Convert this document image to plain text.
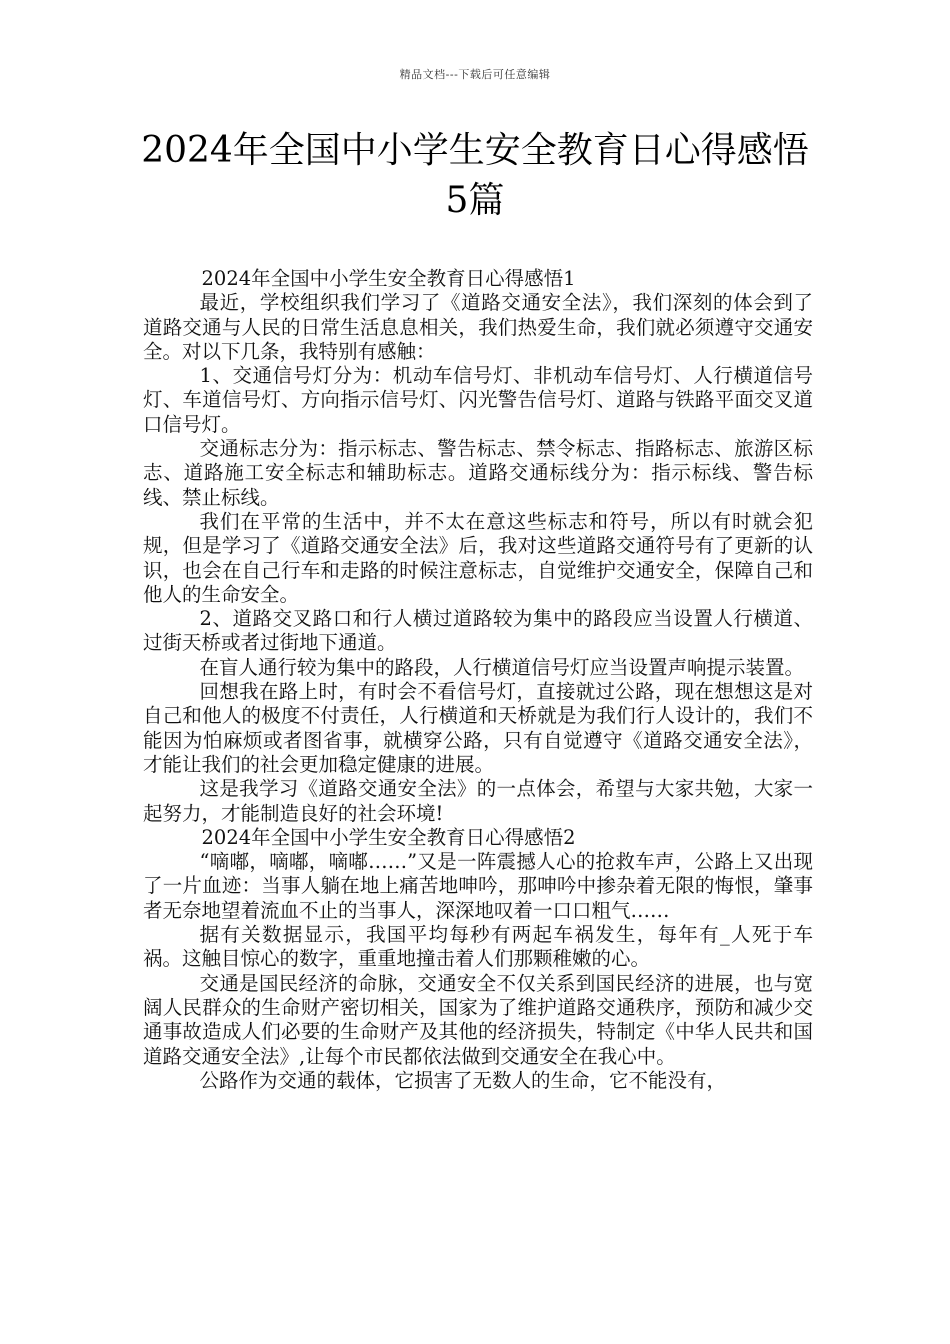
精品文档---下载后可任意编辑
2024年全国中小学生安全教育日心得感悟
5篇

2024年全国中小学生安全教育日心得感悟1

最近，学校组织我们学习了《道路交通安全法》，我们深刻的体会到了道路交通与人民的日常生活息息相关，我们热爱生命，我们就必须遵守交通安全。对以下几条，我特别有感触：

1、交通信号灯分为：机动车信号灯、非机动车信号灯、人行横道信号灯、车道信号灯、方向指示信号灯、闪光警告信号灯、道路与铁路平面交叉道口信号灯。

交通标志分为：指示标志、警告标志、禁令标志、指路标志、旅游区标志、道路施工安全标志和辅助标志。道路交通标线分为：指示标线、警告标线、禁止标线。

我们在平常的生活中，并不太在意这些标志和符号，所以有时就会犯规，但是学习了《道路交通安全法》后，我对这些道路交通符号有了更新的认识，也会在自己行车和走路的时候注意标志，自觉维护交通安全，保障自己和他人的生命安全。

2、道路交叉路口和行人横过道路较为集中的路段应当设置人行横道、过街天桥或者过街地下通道。

在盲人通行较为集中的路段，人行横道信号灯应当设置声响提示装置。

回想我在路上时，有时会不看信号灯，直接就过公路，现在想想这是对自己和他人的极度不付责任，人行横道和天桥就是为我们行人设计的，我们不能因为怕麻烦或者图省事，就横穿公路，只有自觉遵守《道路交通安全法》，才能让我们的社会更加稳定健康的进展。

这是我学习《道路交通安全法》的一点体会，希望与大家共勉，大家一起努力，才能制造良好的社会环境!

2024年全国中小学生安全教育日心得感悟2

“嘀嘟，嘀嘟，嘀嘟……”又是一阵震撼人心的抢救车声，公路上又出现了一片血迹：当事人躺在地上痛苦地呻吟，那呻吟中掺杂着无限的悔恨，肇事者无奈地望着流血不止的当事人，深深地叹着一口口粗气……

据有关数据显示，我国平均每秒有两起车祸发生，每年有_人死于车祸。这触目惊心的数字，重重地撞击着人们那颗稚嫩的心。

交通是国民经济的命脉，交通安全不仅关系到国民经济的进展，也与宽阔人民群众的生命财产密切相关，国家为了维护道路交通秩序，预防和减少交通事故造成人们必要的生命财产及其他的经济损失，特制定《中华人民共和国道路交通安全法》,让每个市民都依法做到交通安全在我心中。

公路作为交通的载体，它损害了无数人的生命，它不能没有，
